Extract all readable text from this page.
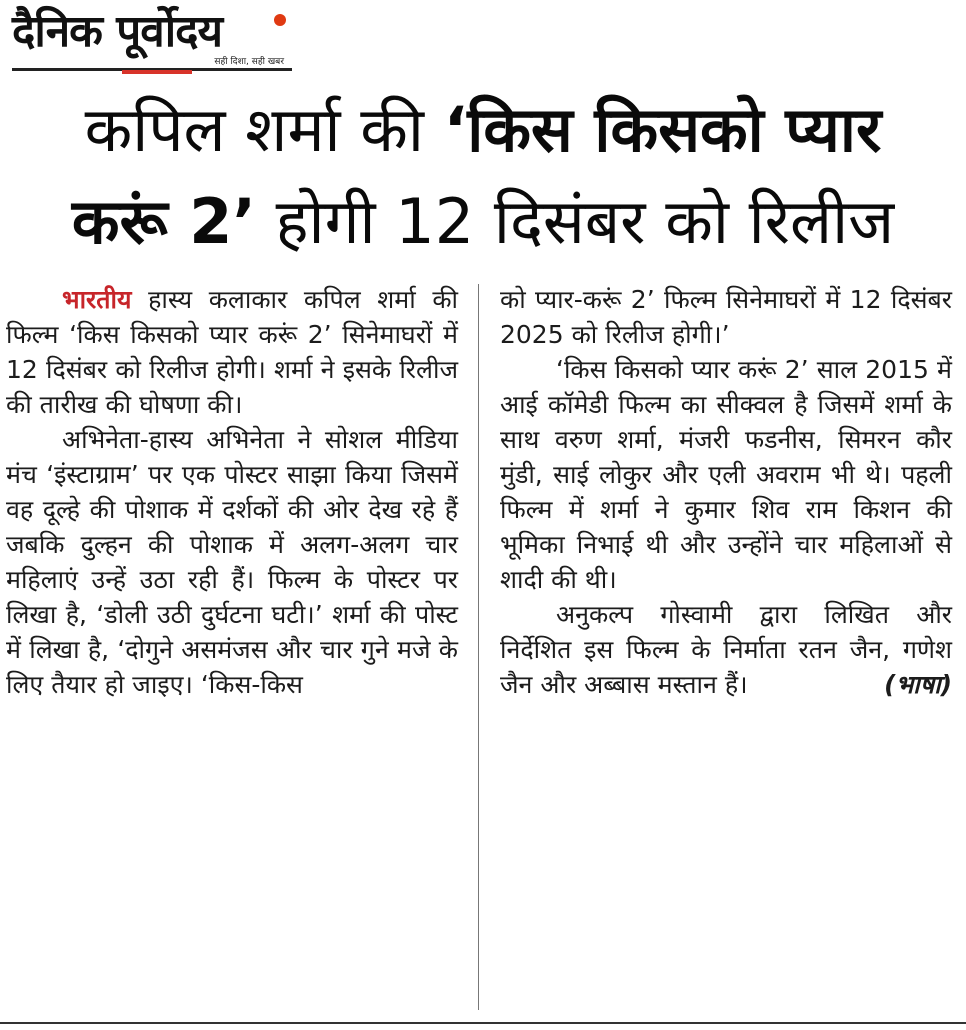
दैनिक पूर्वोदय
सही दिशा, सही खबर
कपिल शर्मा की ‘किस किसको प्यार
करूं 2’ होगी 12 दिसंबर को रिलीज

भारतीय हास्य कलाकार कपिल शर्मा की फिल्म ‘किस किसको प्यार करूं 2’ सिनेमाघरों में 12 दिसंबर को रिलीज होगी। शर्मा ने इसके रिलीज की तारीख की घोषणा की।

अभिनेता-हास्य अभिनेता ने सोशल मीडिया मंच ‘इंस्टाग्राम’ पर एक पोस्टर साझा किया जिसमें वह दूल्हे की पोशाक में दर्शकों की ओर देख रहे हैं जबकि दुल्हन की पोशाक में अलग-अलग चार महिलाएं उन्हें उठा रही हैं। फिल्म के पोस्टर पर लिखा है, ‘डोली उठी दुर्घटना घटी।’ शर्मा की पोस्ट में लिखा है, ‘दोगुने असमंजस और चार गुने मजे के लिए तैयार हो जाइए। ‘किस-किस

को प्यार-करूं 2’ फिल्म सिनेमाघरों में 12 दिसंबर 2025 को रिलीज होगी।’

‘किस किसको प्यार करूं 2’ साल 2015 में आई कॉमेडी फिल्म का सीक्वल है जिसमें शर्मा के साथ वरुण शर्मा, मंजरी फडनीस, सिमरन कौर मुंडी, साई लोकुर और एली अवराम भी थे। पहली फिल्म में शर्मा ने कुमार शिव राम किशन की भूमिका निभाई थी और उन्होंने चार महिलाओं से शादी की थी।

अनुकल्प गोस्वामी द्वारा लिखित और निर्देशित इस फिल्म के निर्माता रतन जैन, गणेश जैन और अब्बास मस्तान हैं।	(भाषा)
